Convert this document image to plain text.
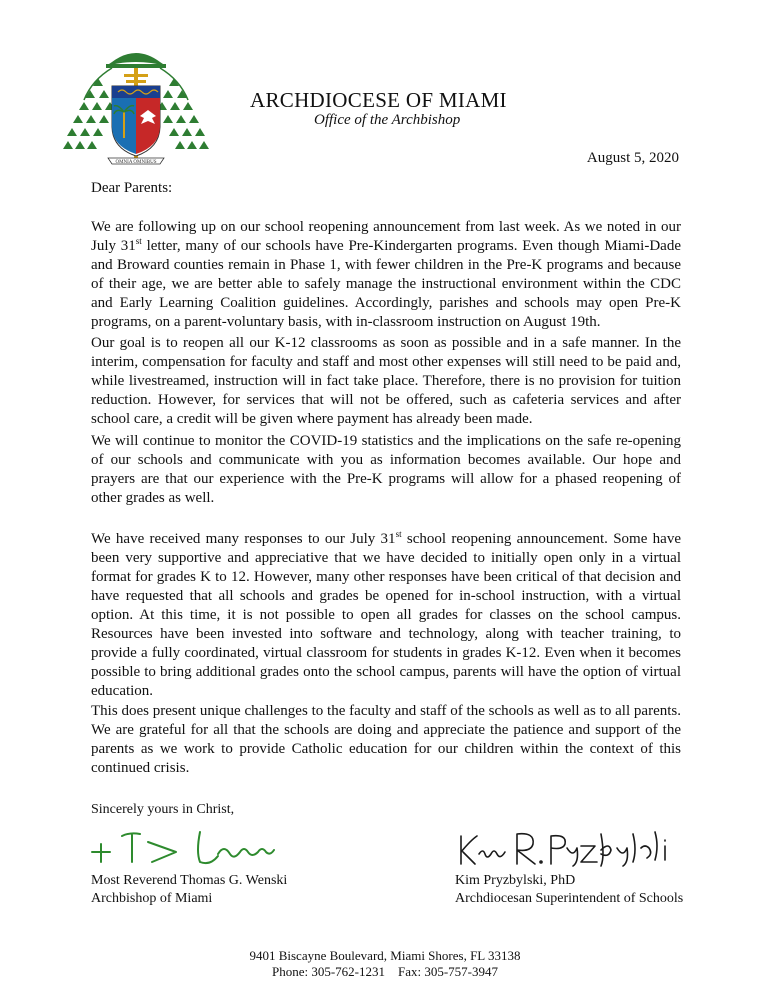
OMNIA OMNIBUS
ARCHDIOCESE OF MIAMI
Office of the Archbishop
August 5, 2020
Dear Parents:

We are following up on our school reopening announcement from last week. As we noted in our July 31st letter, many of our schools have Pre-Kindergarten programs. Even though Miami-Dade and Broward counties remain in Phase 1, with fewer children in the Pre-K programs and because of their age, we are better able to safely manage the instructional environment within the CDC and Early Learning Coalition guidelines. Accordingly, parishes and schools may open Pre-K programs, on a parent-voluntary basis, with in-classroom instruction on August 19th.

Our goal is to reopen all our K-12 classrooms as soon as possible and in a safe manner. In the interim, compensation for faculty and staff and most other expenses will still need to be paid and, while livestreamed, instruction will in fact take place. Therefore, there is no provision for tuition reduction. However, for services that will not be offered, such as cafeteria services and after school care, a credit will be given where payment has already been made.

We will continue to monitor the COVID-19 statistics and the implications on the safe re-opening of our schools and communicate with you as information becomes available. Our hope and prayers are that our experience with the Pre-K programs will allow for a phased reopening of other grades as well.

We have received many responses to our July 31st school reopening announcement. Some have been very supportive and appreciative that we have decided to initially open only in a virtual format for grades K to 12. However, many other responses have been critical of that decision and have requested that all schools and grades be opened for in-school instruction, with a virtual option. At this time, it is not possible to open all grades for classes on the school campus. Resources have been invested into software and technology, along with teacher training, to provide a fully coordinated, virtual classroom for students in grades K-12. Even when it becomes possible to bring additional grades onto the school campus, parents will have the option of virtual education.

This does present unique challenges to the faculty and staff of the schools as well as to all parents. We are grateful for all that the schools are doing and appreciate the patience and support of the parents as we work to provide Catholic education for our children within the context of this continued crisis.

Sincerely yours in Christ,
Most Reverend Thomas G. Wenski
Archbishop of Miami
Kim Pryzbylski, PhD
Archdiocesan Superintendent of Schools
9401 Biscayne Boulevard, Miami Shores, FL 33138
Phone: 305-762-1231    Fax: 305-757-3947
